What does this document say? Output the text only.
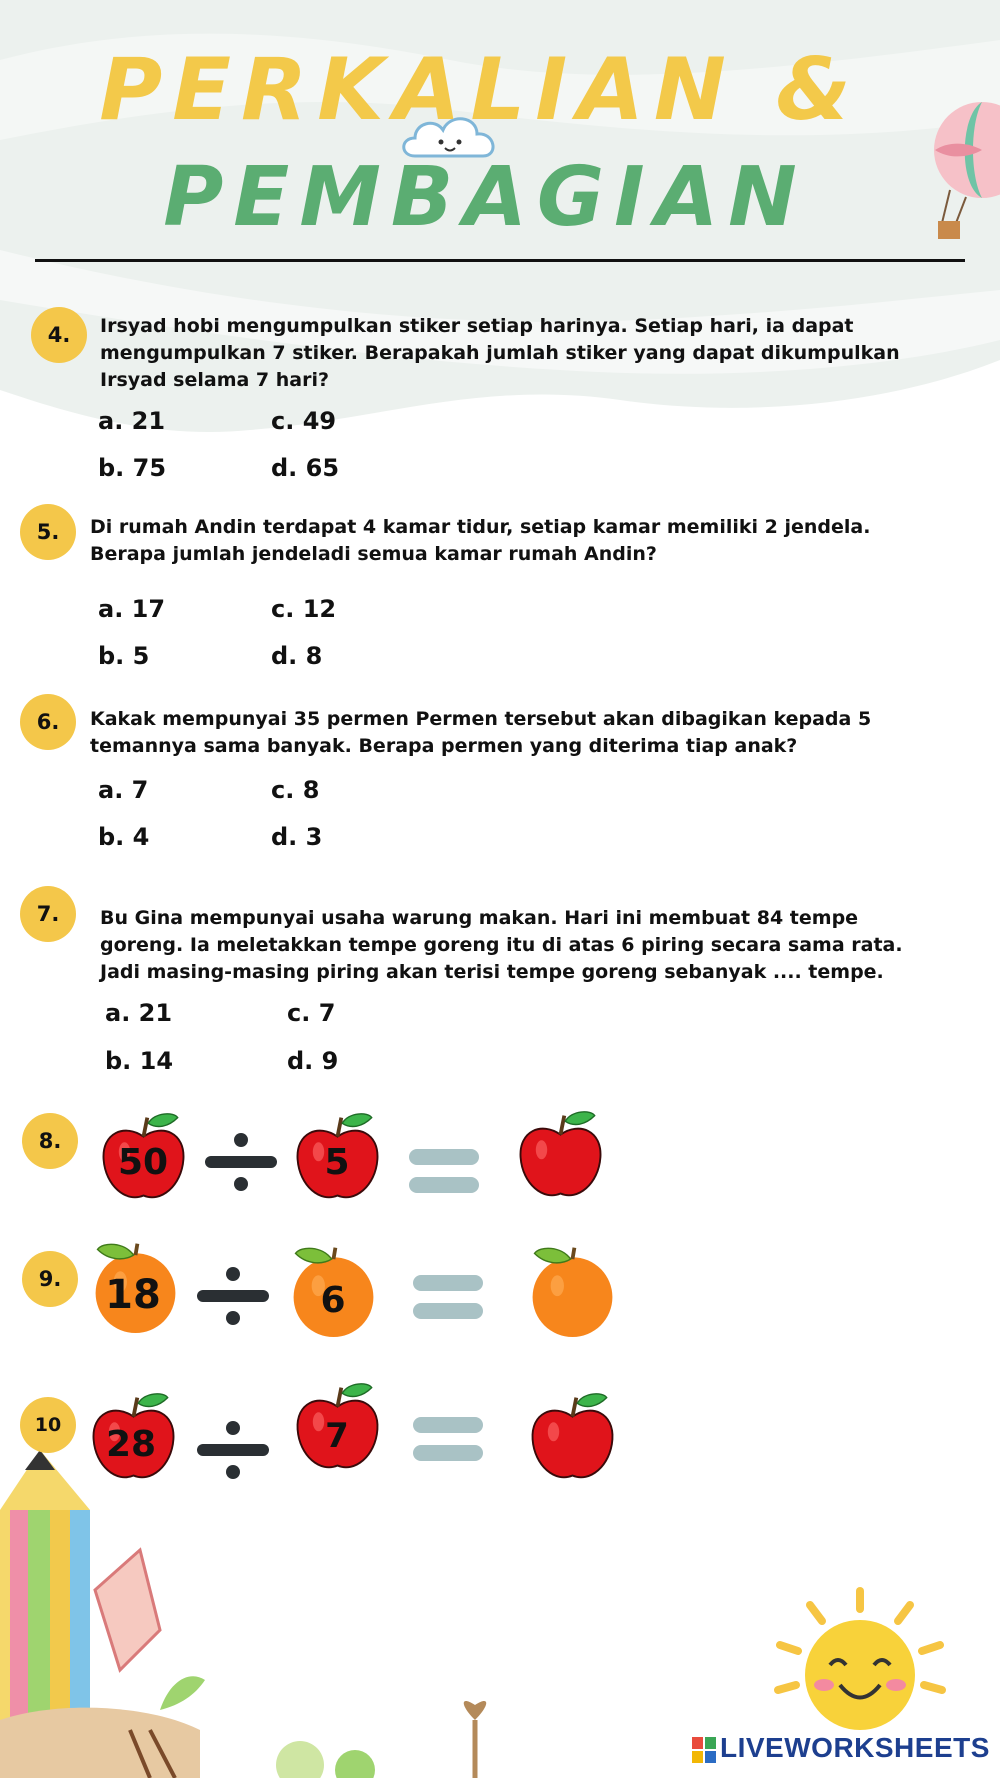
PERKALIAN &
PEMBAGIAN
4.	Irsyad hobi mengumpulkan stiker setiap harinya. Setiap hari, ia dapat mengumpulkan 7 stiker. Berapakah jumlah stiker yang dapat dikumpulkan Irsyad selama 7 hari?
a. 21	c. 49
b. 75	d. 65
5.	Di rumah Andin terdapat 4 kamar tidur, setiap kamar memiliki 2 jendela. Berapa jumlah jendeladi semua kamar rumah Andin?
a. 17	c. 12
b. 5	d. 8
6.	Kakak mempunyai 35 permen Permen tersebut akan dibagikan kepada 5 temannya sama banyak. Berapa permen yang diterima tiap anak?
a. 7	c. 8
b. 4	d. 3
7.	Bu Gina mempunyai usaha warung makan. Hari ini membuat 84 tempe goreng. Ia meletakkan tempe goreng itu di atas 6 piring secara sama rata. Jadi masing-masing piring akan terisi tempe goreng sebanyak .... tempe.
a. 21	c. 7
b. 14	d. 9
8.
50	5
9.	18	6
10	28	7
LIVEWORKSHEETS
